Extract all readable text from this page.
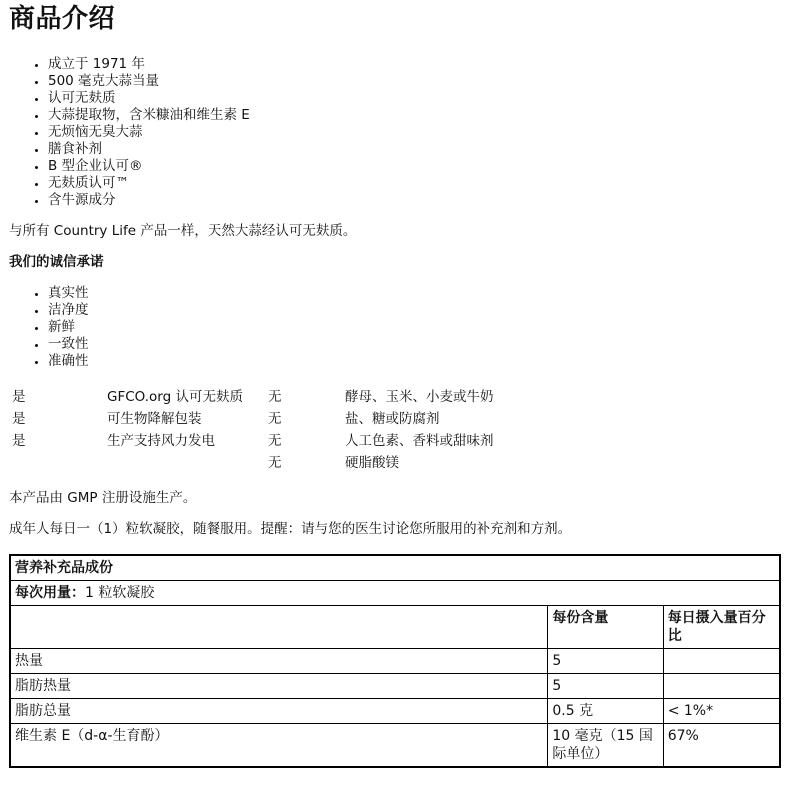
商品介绍
• 成立于 1971 年
• 500 毫克大蒜当量
• 认可无麸质
• 大蒜提取物，含米糠油和维生素 E
• 无烦恼无臭大蒜
• 膳食补剂
• B 型企业认可®
• 无麸质认可™
• 含牛源成分

与所有 Country Life 产品一样，天然大蒜经认可无麸质。

我们的诚信承诺

• 真实性
• 洁净度
• 新鲜
• 一致性
• 准确性
是	GFCO.org 认可无麸质	无	酵母、玉米、小麦或牛奶
是	可生物降解包装	无	盐、糖或防腐剂
是	生产支持风力发电	无	人工色素、香料或甜味剂
		无	硬脂酸镁

本产品由 GMP 注册设施生产。

成年人每日一（1）粒软凝胶，随餐服用。提醒：请与您的医生讨论您所服用的补充剂和方剂。

营养补充品成份		
每次用量：1 粒软凝胶		

	每份含量	每日摄入量百分比
热量	5	
脂肪热量	5	
脂肪总量	0.5 克	< 1%*
维生素 E（d-α-生育酚）	10 毫克（15 国际单位）	67%
